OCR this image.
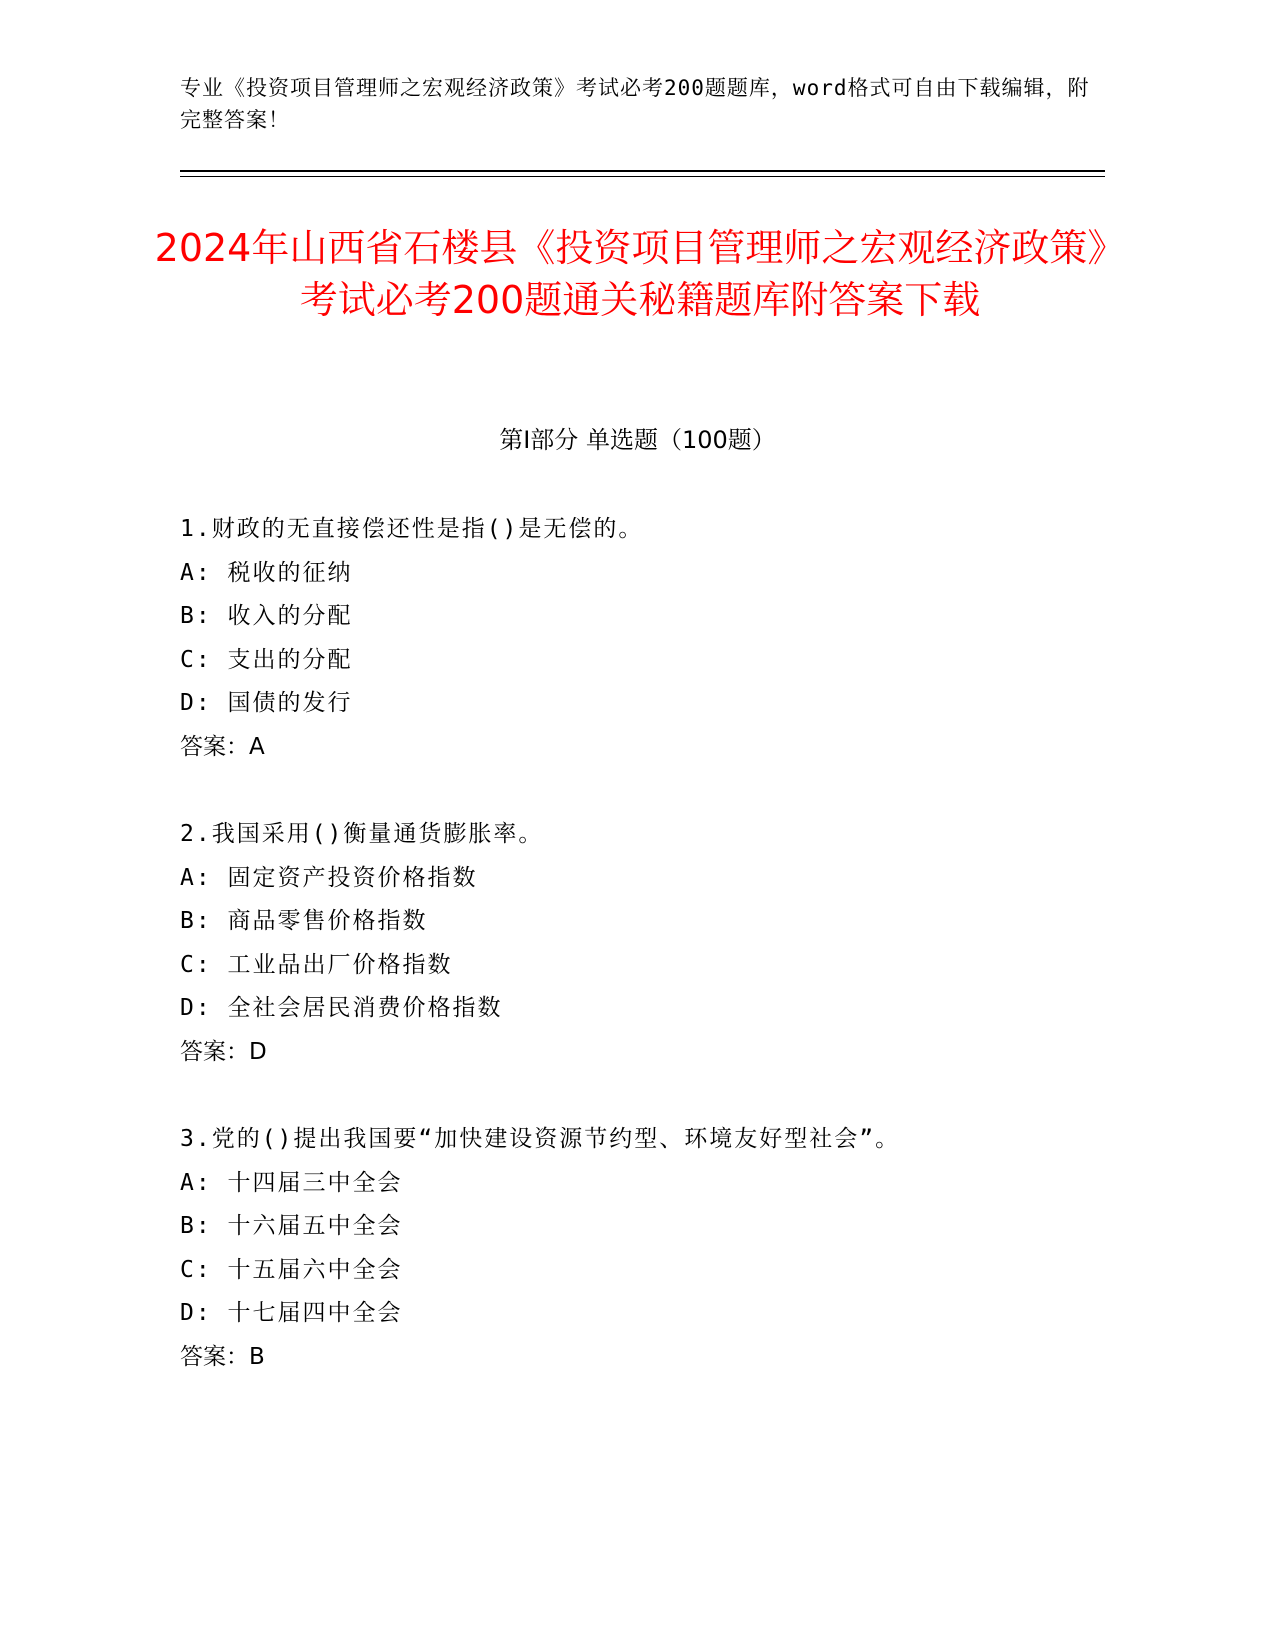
专业《投资项目管理师之宏观经济政策》考试必考200题题库，word格式可自由下载编辑，附完整答案！
2024年山西省石楼县《投资项目管理师之宏观经济政策》考试必考200题通关秘籍题库附答案下载
第I部分 单选题（100题）
1.财政的无直接偿还性是指()是无偿的。
A: 税收的征纳
B: 收入的分配
C: 支出的分配
D: 国债的发行
答案：A
2.我国采用()衡量通货膨胀率。
A: 固定资产投资价格指数
B: 商品零售价格指数
C: 工业品出厂价格指数
D: 全社会居民消费价格指数
答案：D
3.党的()提出我国要“加快建设资源节约型、环境友好型社会”。
A: 十四届三中全会
B: 十六届五中全会
C: 十五届六中全会
D: 十七届四中全会
答案：B
